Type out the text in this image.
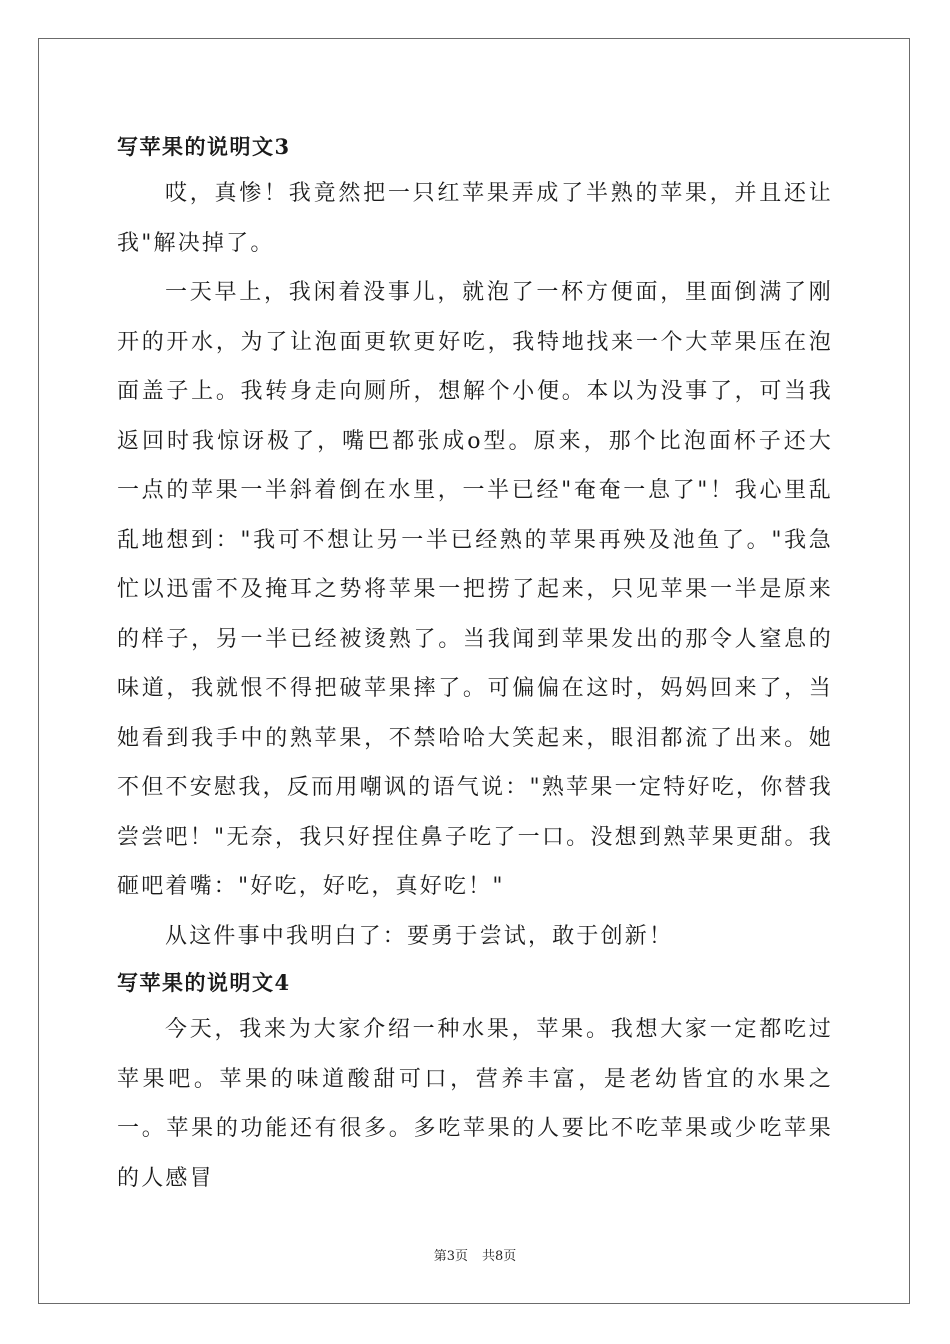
写苹果的说明文3

哎，真惨！我竟然把一只红苹果弄成了半熟的苹果，并且还让我"解决掉了。

一天早上，我闲着没事儿，就泡了一杯方便面，里面倒满了刚开的开水，为了让泡面更软更好吃，我特地找来一个大苹果压在泡面盖子上。我转身走向厕所，想解个小便。本以为没事了，可当我返回时我惊讶极了，嘴巴都张成o型。原来，那个比泡面杯子还大一点的苹果一半斜着倒在水里，一半已经"奄奄一息了"！我心里乱乱地想到："我可不想让另一半已经熟的苹果再殃及池鱼了。"我急忙以迅雷不及掩耳之势将苹果一把捞了起来，只见苹果一半是原来的样子，另一半已经被烫熟了。当我闻到苹果发出的那令人窒息的味道，我就恨不得把破苹果摔了。可偏偏在这时，妈妈回来了，当她看到我手中的熟苹果，不禁哈哈大笑起来，眼泪都流了出来。她不但不安慰我，反而用嘲讽的语气说："熟苹果一定特好吃，你替我尝尝吧！"无奈，我只好捏住鼻子吃了一口。没想到熟苹果更甜。我砸吧着嘴："好吃，好吃，真好吃！"

从这件事中我明白了：要勇于尝试，敢于创新！

写苹果的说明文4

今天，我来为大家介绍一种水果，苹果。我想大家一定都吃过苹果吧。苹果的味道酸甜可口，营养丰富，是老幼皆宜的水果之一。苹果的功能还有很多。多吃苹果的人要比不吃苹果或少吃苹果的人感冒

第3页 共8页
